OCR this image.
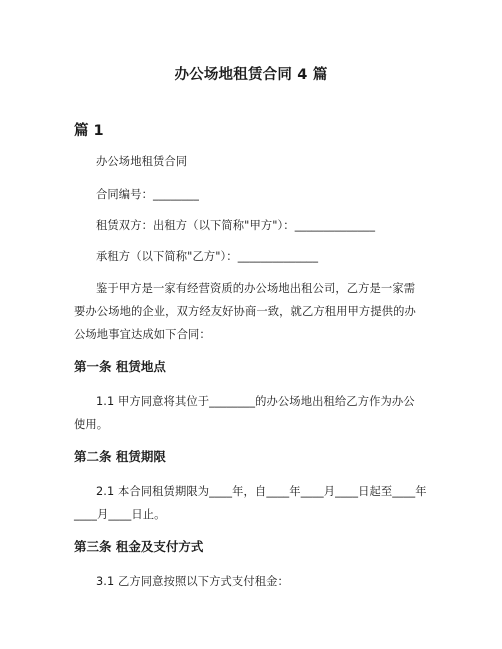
办公场地租赁合同 4 篇
篇 1
办公场地租赁合同
合同编号：________
租赁双方：出租方（以下简称"甲方"）：______________
承租方（以下简称"乙方"）：______________
鉴于甲方是一家有经营资质的办公场地出租公司，乙方是一家需
要办公场地的企业，双方经友好协商一致，就乙方租用甲方提供的办
公场地事宜达成如下合同：
第一条 租赁地点
1.1 甲方同意将其位于________的办公场地出租给乙方作为办公
使用。
第二条 租赁期限
2.1 本合同租赁期限为____年，自____年____月____日起至____年
____月____日止。
第三条 租金及支付方式
3.1 乙方同意按照以下方式支付租金：
